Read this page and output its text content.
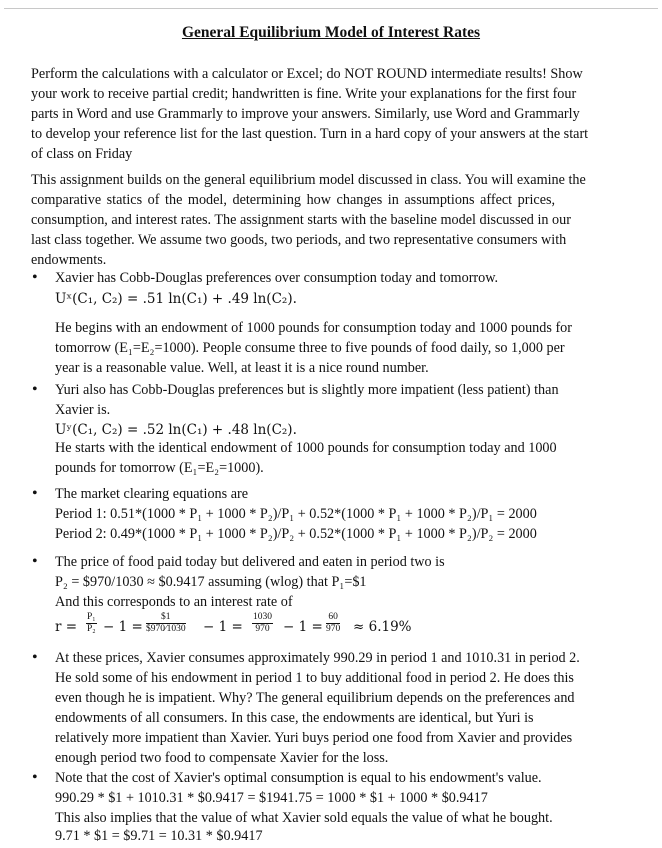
General Equilibrium Model of Interest Rates
Perform the calculations with a calculator or Excel; do NOT ROUND intermediate results! Show
your work to receive partial credit; handwritten is fine. Write your explanations for the first four
parts in Word and use Grammarly to improve your answers. Similarly, use Word and Grammarly
to develop your reference list for the last question. Turn in a hard copy of your answers at the start
of class on Friday
This assignment builds on the general equilibrium model discussed in class. You will examine the
comparative statics of the model, determining how changes in assumptions affect prices,
consumption, and interest rates. The assignment starts with the baseline model discussed in our
last class together. We assume two goods, two periods, and two representative consumers with
endowments.
• Xavier has Cobb-Douglas preferences over consumption today and tomorrow.
Uˣ(C₁, C₂) = .51 ln(C₁) + .49 ln(C₂).
He begins with an endowment of 1000 pounds for consumption today and 1000 pounds for
tomorrow (E₁=E₂=1000). People consume three to five pounds of food daily, so 1,000 per
year is a reasonable value. Well, at least it is a nice round number.
• Yuri also has Cobb-Douglas preferences but is slightly more impatient (less patient) than
Xavier is.
Uʸ(C₁, C₂) = .52 ln(C₁) + .48 ln(C₂).
He starts with the identical endowment of 1000 pounds for consumption today and 1000
pounds for tomorrow (E₁=E₂=1000).
• The market clearing equations are
Period 1: 0.51*(1000 * P₁ + 1000 * P₂)/P₁ + 0.52*(1000 * P₁ + 1000 * P₂)/P₁ = 2000
Period 2: 0.49*(1000 * P₁ + 1000 * P₂)/P₂ + 0.52*(1000 * P₁ + 1000 * P₂)/P₂ = 2000
• The price of food paid today but delivered and eaten in period two is
P₂ = $970/1030 ≈ $0.9417 assuming (wlog) that P₁=$1
And this corresponds to an interest rate of
$r = \frac{\text{P₁}}{\text{P₂}} - 1 = \frac{\$1}{\$970⁄1030} - 1 = \frac{1030}{970} - 1 = \frac{60}{970} \approx 6.19\%$
• At these prices, Xavier consumes approximately 990.29 in period 1 and 1010.31 in period 2.
He sold some of his endowment in period 1 to buy additional food in period 2. He does this
even though he is impatient. Why? The general equilibrium depends on the preferences and
endowments of all consumers. In this case, the endowments are identical, but Yuri is
relatively more impatient than Xavier. Yuri buys period one food from Xavier and provides
enough period two food to compensate Xavier for the loss.
• Note that the cost of Xavier's optimal consumption is equal to his endowment's value.
990.29 * $1 + 1010.31 * $0.9417 = $1941.75 = 1000 * $1 + 1000 * $0.9417
This also implies that the value of what Xavier sold equals the value of what he bought.
9.71 * $1 = $9.71 = 10.31 * $0.9417
